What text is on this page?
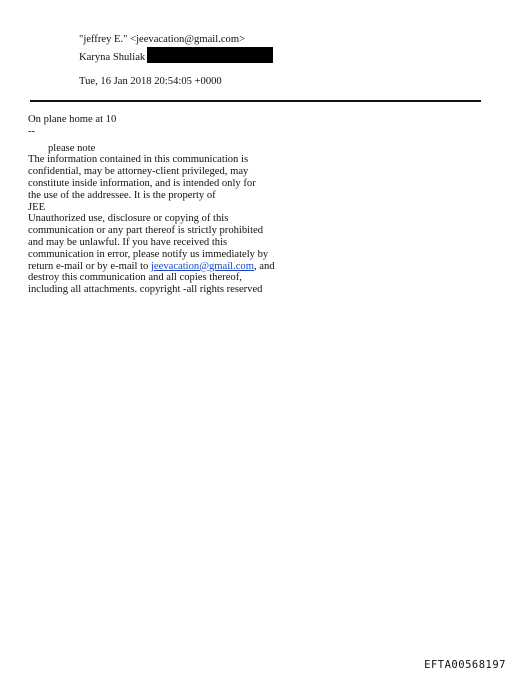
"jeffrey E." <jeevacation@gmail.com>
Karyna Shuliak
Tue, 16 Jan 2018 20:54:05 +0000
On plane home at 10
--
please note
The information contained in this communication is
confidential, may be attorney-client privileged, may
constitute inside information, and is intended only for
the use of the addressee. It is the property of
JEE
Unauthorized use, disclosure or copying of this
communication or any part thereof is strictly prohibited
and may be unlawful. If you have received this
communication in error, please notify us immediately by
return e-mail or by e-mail to jeevacation@gmail.com, and
destroy this communication and all copies thereof,
including all attachments. copyright -all rights reserved
EFTA00568197
